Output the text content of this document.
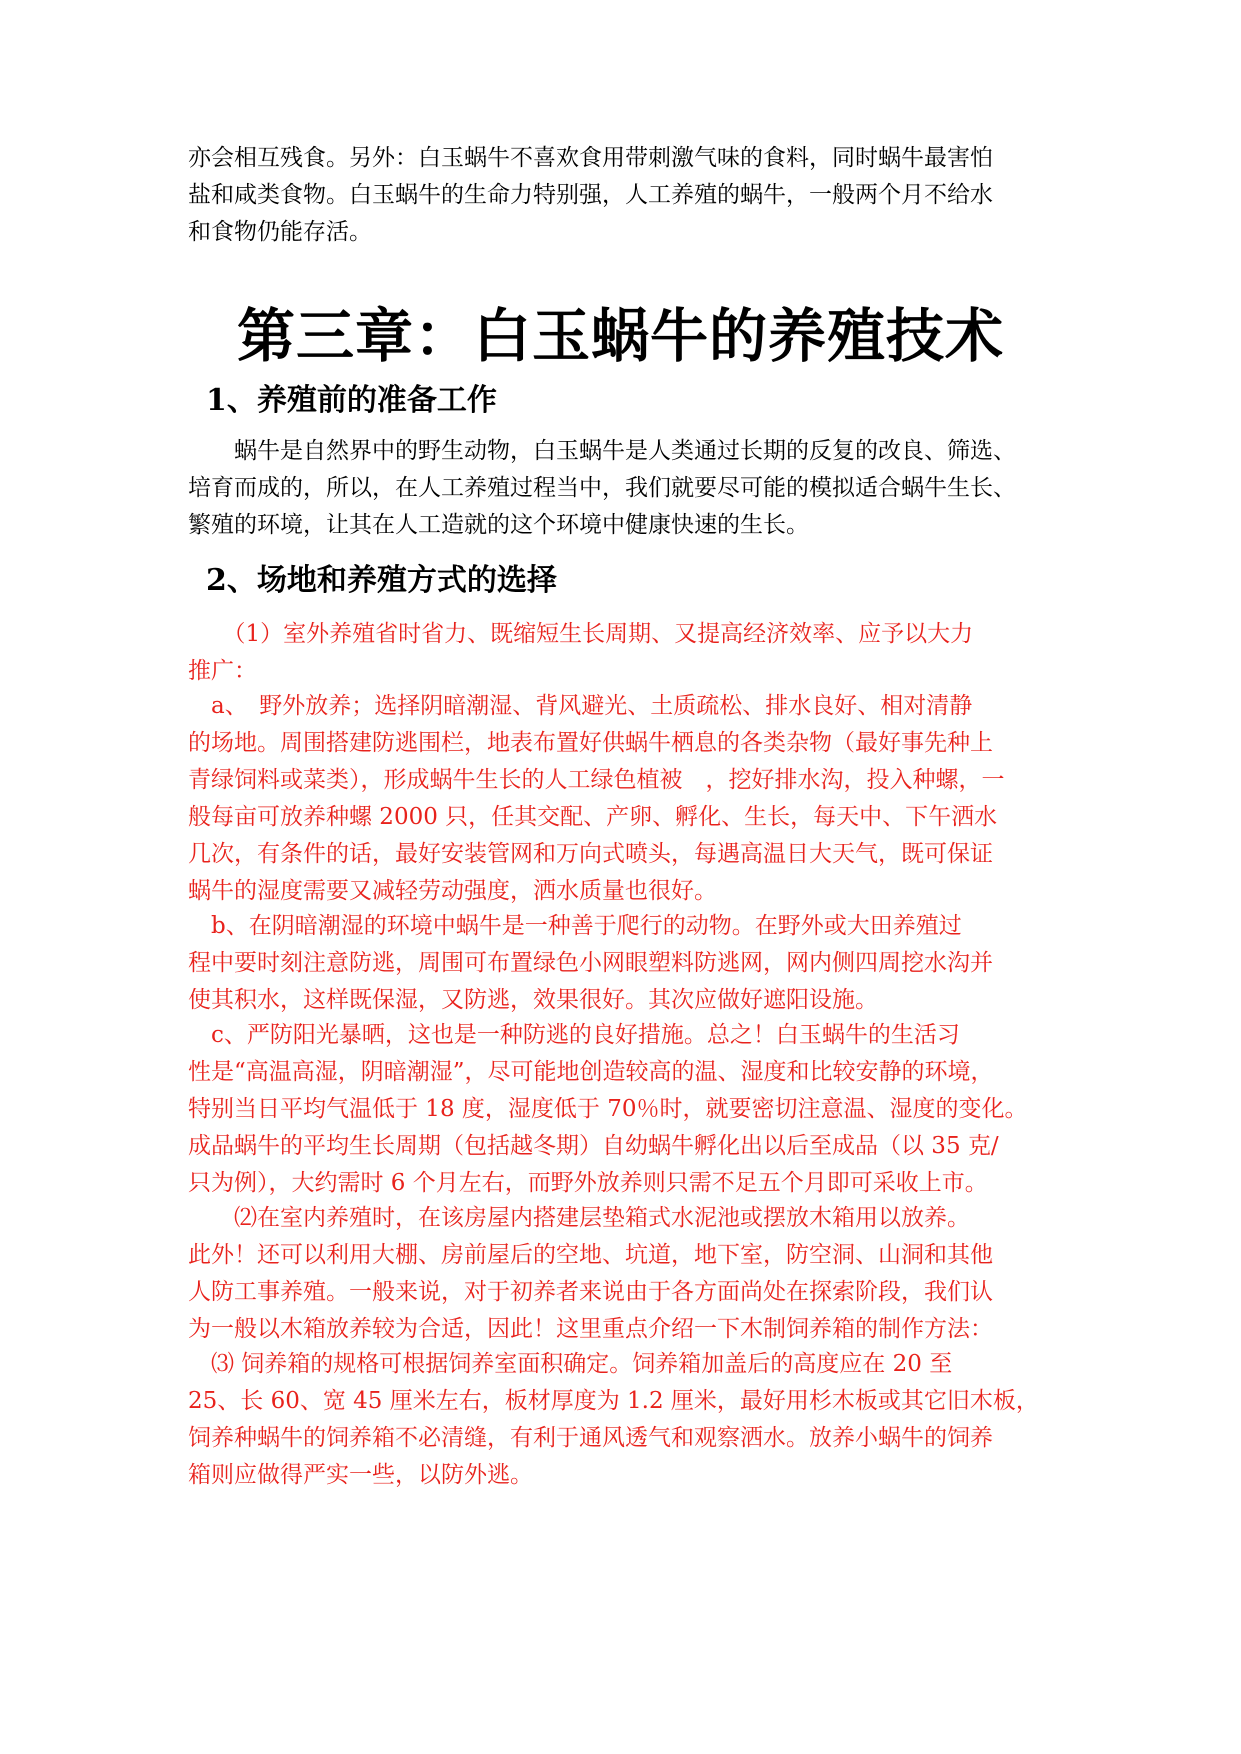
亦会相互残食。另外：白玉蜗牛不喜欢食用带刺激气味的食料，同时蜗牛最害怕
盐和咸类食物。白玉蜗牛的生命力特别强，人工养殖的蜗牛，一般两个月不给水
和食物仍能存活。

第三章：白玉蜗牛的养殖技术
1、养殖前的准备工作

　　蜗牛是自然界中的野生动物，白玉蜗牛是人类通过长期的反复的改良、筛选、
培育而成的，所以，在人工养殖过程当中，我们就要尽可能的模拟适合蜗牛生长、
繁殖的环境，让其在人工造就的这个环境中健康快速的生长。

2、场地和养殖方式的选择

　　（1）室外养殖省时省力、既缩短生长周期、又提高经济效率、应予以大力
推广：

　a、　野外放养；选择阴暗潮湿、背风避光、土质疏松、排水良好、相对清静
的场地。周围搭建防逃围栏，地表布置好供蜗牛栖息的各类杂物（最好事先种上
青绿饲料或菜类），形成蜗牛生长的人工绿色植被　，挖好排水沟，投入种螺，一
般每亩可放养种螺 2000 只，任其交配、产卵、孵化、生长，每天中、下午洒水
几次，有条件的话，最好安装管网和万向式喷头，每遇高温日大天气，既可保证
蜗牛的湿度需要又减轻劳动强度，洒水质量也很好。

　b、在阴暗潮湿的环境中蜗牛是一种善于爬行的动物。在野外或大田养殖过
程中要时刻注意防逃，周围可布置绿色小网眼塑料防逃网，网内侧四周挖水沟并
使其积水，这样既保湿，又防逃，效果很好。其次应做好遮阳设施。

　c、严防阳光暴晒，这也是一种防逃的良好措施。总之！白玉蜗牛的生活习
性是“高温高湿，阴暗潮湿”，尽可能地创造较高的温、湿度和比较安静的环境，
特别当日平均气温低于 18 度，湿度低于 70％时，就要密切注意温、湿度的变化。
成品蜗牛的平均生长周期（包括越冬期）自幼蜗牛孵化出以后至成品（以 35 克/
只为例），大约需时 6 个月左右，而野外放养则只需不足五个月即可采收上市。

　　⑵在室内养殖时，在该房屋内搭建层垫箱式水泥池或摆放木箱用以放养。
此外！还可以利用大棚、房前屋后的空地、坑道，地下室，防空洞、山洞和其他
人防工事养殖。一般来说，对于初养者来说由于各方面尚处在探索阶段，我们认
为一般以木箱放养较为合适，因此！这里重点介绍一下木制饲养箱的制作方法：

　⑶ 饲养箱的规格可根据饲养室面积确定。饲养箱加盖后的高度应在 20 至
25、长 60、宽 45 厘米左右，板材厚度为 1.2 厘米，最好用杉木板或其它旧木板，
饲养种蜗牛的饲养箱不必清缝，有利于通风透气和观察洒水。放养小蜗牛的饲养
箱则应做得严实一些，以防外逃。
